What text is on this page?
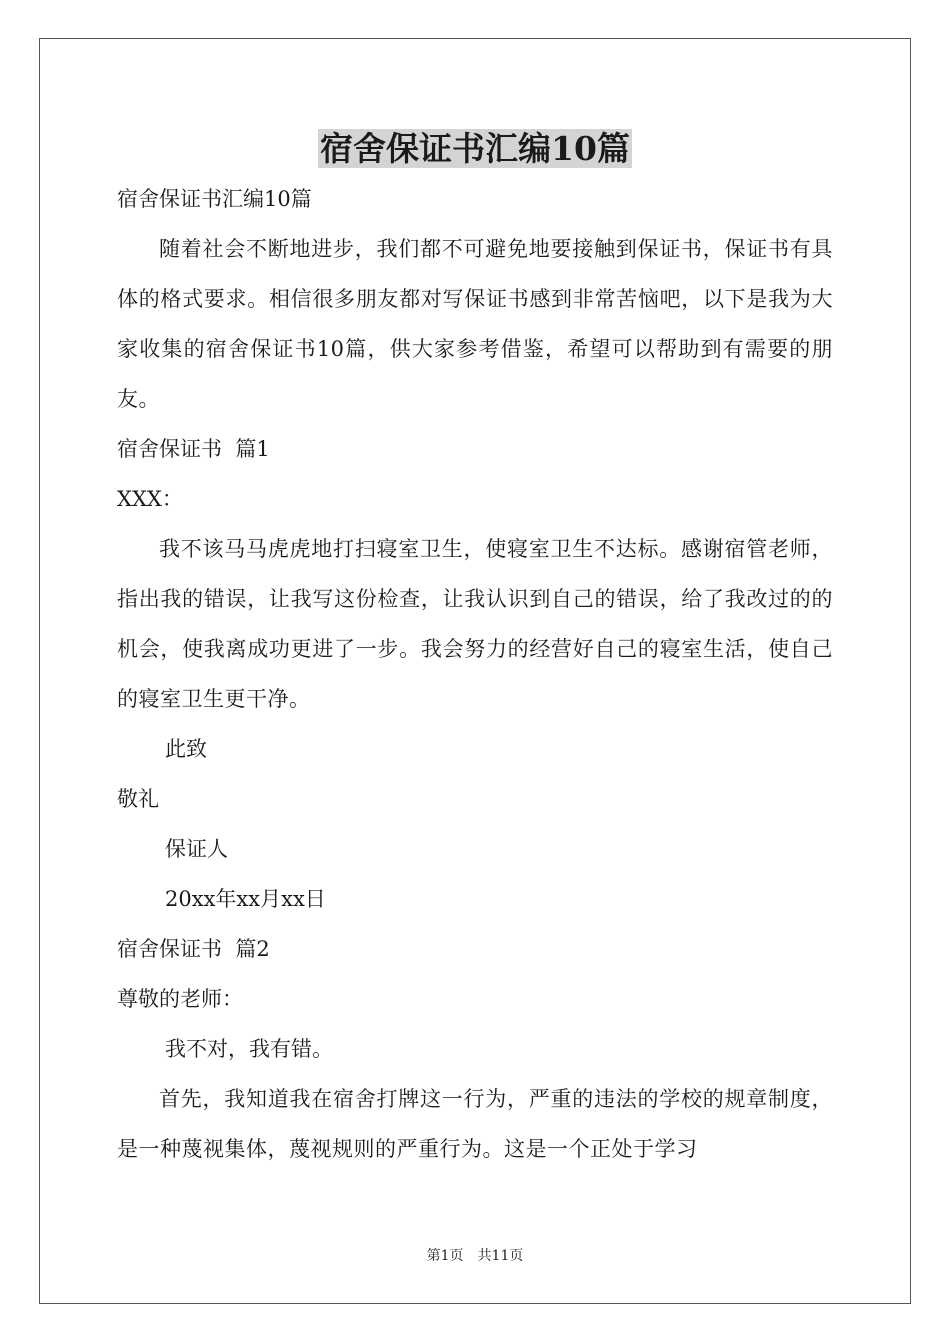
宿舍保证书汇编10篇

宿舍保证书汇编10篇

随着社会不断地进步，我们都不可避免地要接触到保证书，保证书有具体的格式要求。相信很多朋友都对写保证书感到非常苦恼吧，以下是我为大家收集的宿舍保证书10篇，供大家参考借鉴，希望可以帮助到有需要的朋友。

宿舍保证书  篇1

XXX：

我不该马马虎虎地打扫寝室卫生，使寝室卫生不达标。感谢宿管老师，指出我的错误，让我写这份检查，让我认识到自己的错误，给了我改过的的机会，使我离成功更进了一步。我会努力的经营好自己的寝室生活，使自己的寝室卫生更干净。

此致

敬礼

保证人

20xx年xx月xx日

宿舍保证书  篇2

尊敬的老师：

我不对，我有错。

首先，我知道我在宿舍打牌这一行为，严重的违法的学校的规章制度，是一种蔑视集体，蔑视规则的严重行为。这是一个正处于学习

第1页 共11页
